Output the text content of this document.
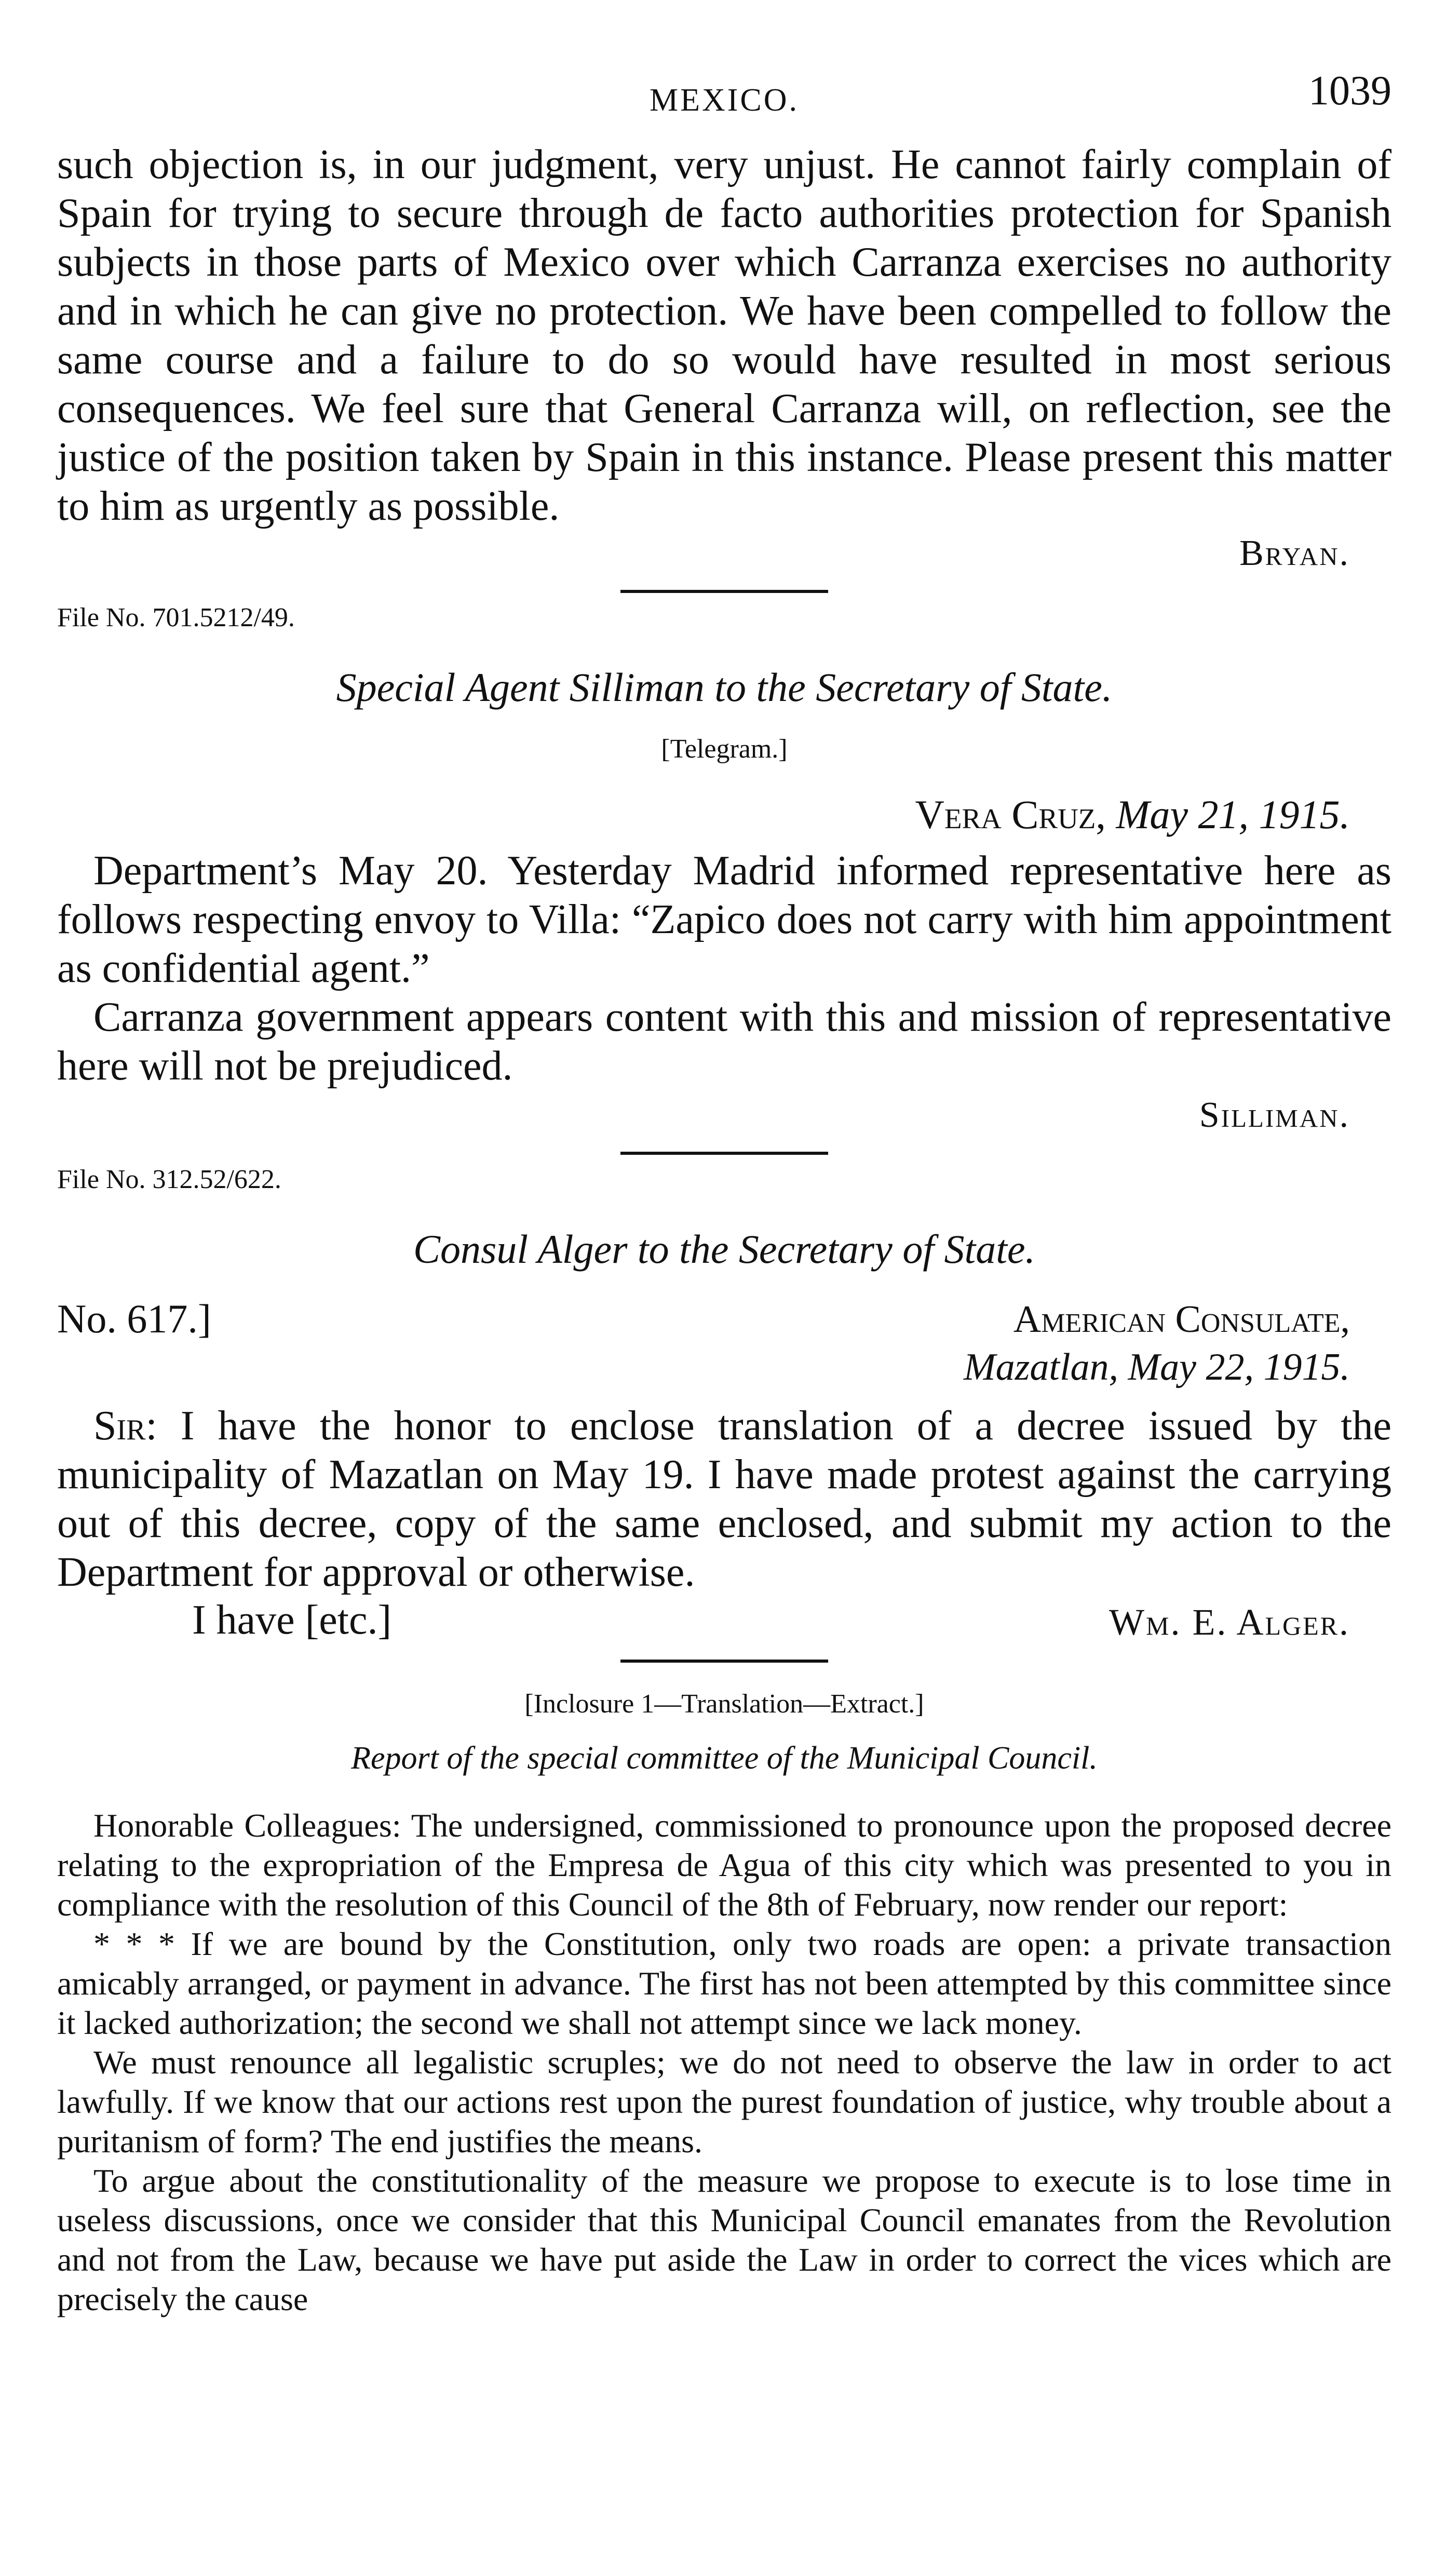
MEXICO.	1039

such objection is, in our judgment, very unjust. He cannot fairly complain of Spain for trying to secure through de facto authorities protection for Spanish subjects in those parts of Mexico over which Carranza exercises no authority and in which he can give no protection. We have been compelled to follow the same course and a failure to do so would have resulted in most serious consequences. We feel sure that General Carranza will, on reflection, see the justice of the position taken by Spain in this instance. Please present this matter to him as urgently as possible.

Bryan.
File No. 701.5212/49.
Special Agent Silliman to the Secretary of State.
[Telegram.]
Vera Cruz, May 21, 1915.

Department’s May 20. Yesterday Madrid informed representative here as follows respecting envoy to Villa: “Zapico does not carry with him appointment as confidential agent.”

Carranza government appears content with this and mission of representative here will not be prejudiced.

Silliman.
File No. 312.52/622.
Consul Alger to the Secretary of State.
No. 617.]	American Consulate,
Mazatlan, May 22, 1915.

Sir: I have the honor to enclose translation of a decree issued by the municipality of Mazatlan on May 19. I have made protest against the carrying out of this decree, copy of the same enclosed, and submit my action to the Department for approval or otherwise.

I have [etc.]	Wm. E. Alger.
[Inclosure 1—Translation—Extract.]
Report of the special committee of the Municipal Council.

Honorable Colleagues: The undersigned, commissioned to pronounce upon the proposed decree relating to the expropriation of the Empresa de Agua of this city which was presented to you in compliance with the resolution of this Council of the 8th of February, now render our report:

* * * If we are bound by the Constitution, only two roads are open: a private transaction amicably arranged, or payment in advance. The first has not been attempted by this committee since it lacked authorization; the second we shall not attempt since we lack money.

We must renounce all legalistic scruples; we do not need to observe the law in order to act lawfully. If we know that our actions rest upon the purest foundation of justice, why trouble about a puritanism of form? The end justifies the means.

To argue about the constitutionality of the measure we propose to execute is to lose time in useless discussions, once we consider that this Municipal Council emanates from the Revolution and not from the Law, because we have put aside the Law in order to correct the vices which are precisely the cause
